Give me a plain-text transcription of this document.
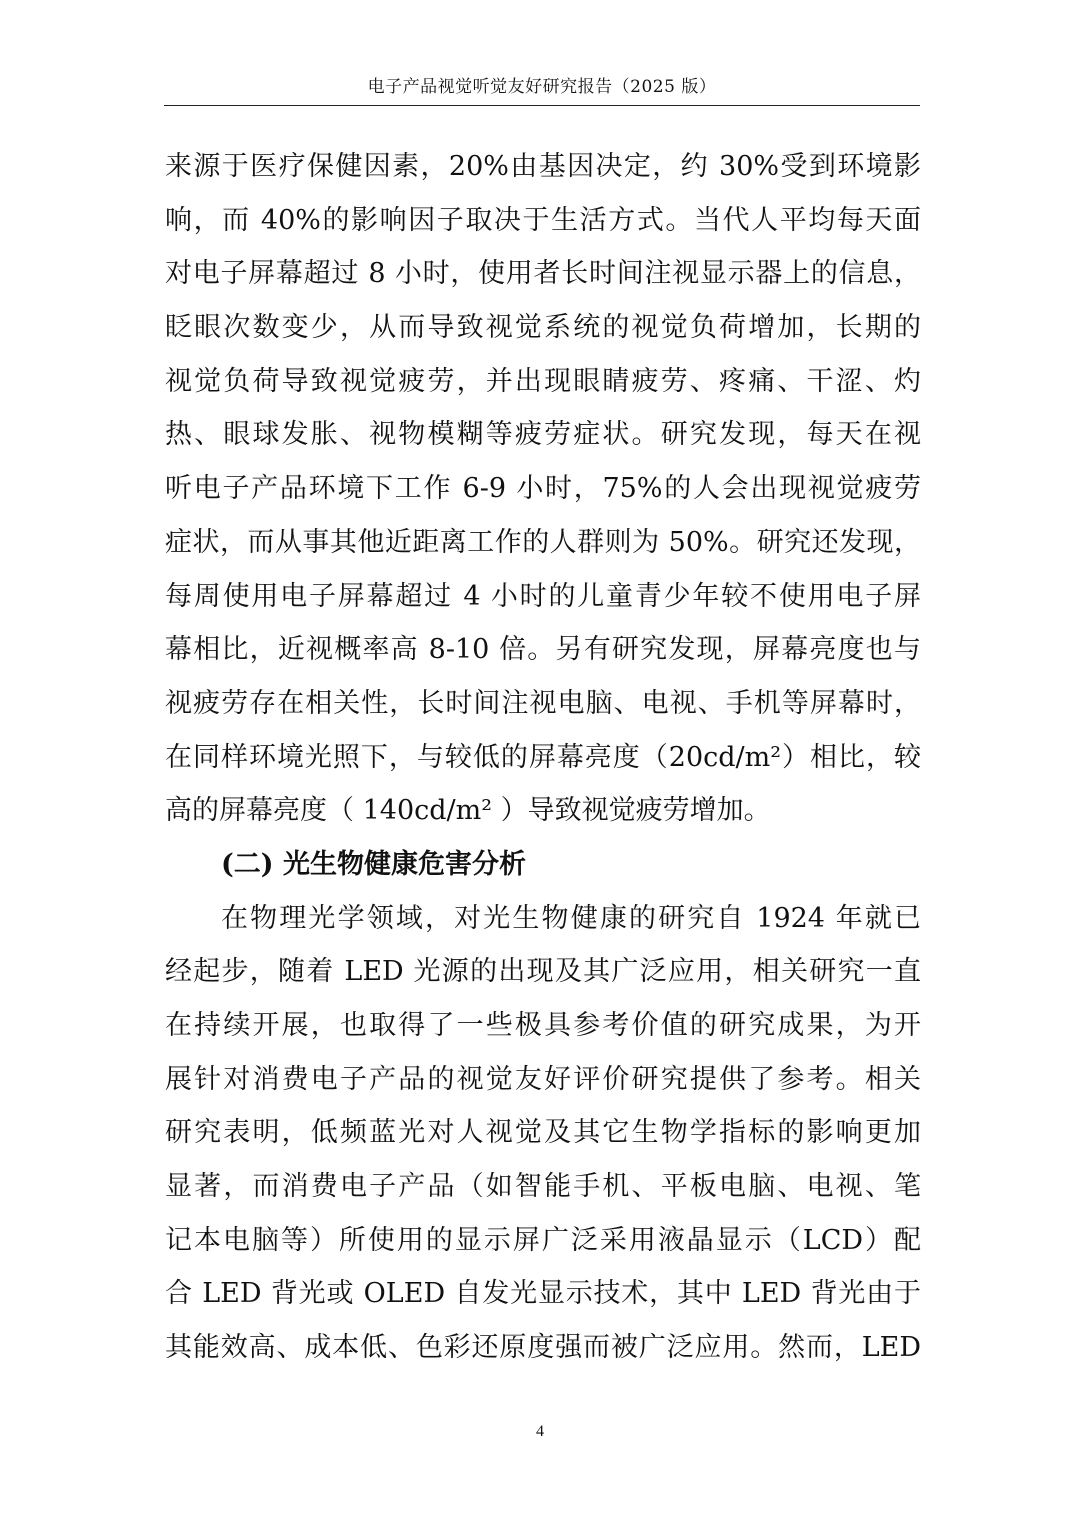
电子产品视觉听觉友好研究报告（2025 版）
来源于医疗保健因素，20%由基因决定，约 30%受到环境影
响，而 40%的影响因子取决于生活方式。当代人平均每天面
对电子屏幕超过 8 小时，使用者长时间注视显示器上的信息，
眨眼次数变少，从而导致视觉系统的视觉负荷增加，长期的
视觉负荷导致视觉疲劳，并出现眼睛疲劳、疼痛、干涩、灼
热、眼球发胀、视物模糊等疲劳症状。研究发现，每天在视
听电子产品环境下工作 6-9 小时，75%的人会出现视觉疲劳
症状，而从事其他近距离工作的人群则为 50%。研究还发现，
每周使用电子屏幕超过 4 小时的儿童青少年较不使用电子屏
幕相比，近视概率高 8-10 倍。另有研究发现，屏幕亮度也与
视疲劳存在相关性，长时间注视电脑、电视、手机等屏幕时，
在同样环境光照下，与较低的屏幕亮度（20cd/m²）相比，较
高的屏幕亮度（ 140cd/m² ）导致视觉疲劳增加。
(二) 光生物健康危害分析
在物理光学领域，对光生物健康的研究自 1924 年就已
经起步，随着 LED 光源的出现及其广泛应用，相关研究一直
在持续开展，也取得了一些极具参考价值的研究成果，为开
展针对消费电子产品的视觉友好评价研究提供了参考。相关
研究表明，低频蓝光对人视觉及其它生物学指标的影响更加
显著，而消费电子产品（如智能手机、平板电脑、电视、笔
记本电脑等）所使用的显示屏广泛采用液晶显示（LCD）配
合 LED 背光或 OLED 自发光显示技术，其中 LED 背光由于
其能效高、成本低、色彩还原度强而被广泛应用。然而，LED
4
